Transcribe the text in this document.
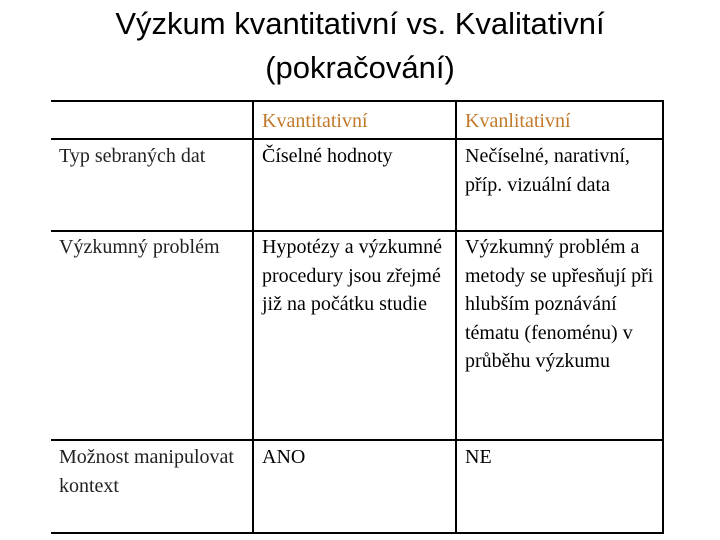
Výzkum kvantitativní vs. Kvalitativní
(pokračování)
	Kvantitativní	Kvanlitativní
Typ sebraných dat	Číselné hodnoty	Nečíselné, narativní, příp. vizuální data
Výzkumný problém	Hypotézy a výzkumné procedury jsou zřejmé již na počátku studie	Výzkumný problém a metody se upřesňují při hlubším poznávání tématu (fenoménu) v průběhu výzkumu
Možnost manipulovat kontext	ANO	NE
